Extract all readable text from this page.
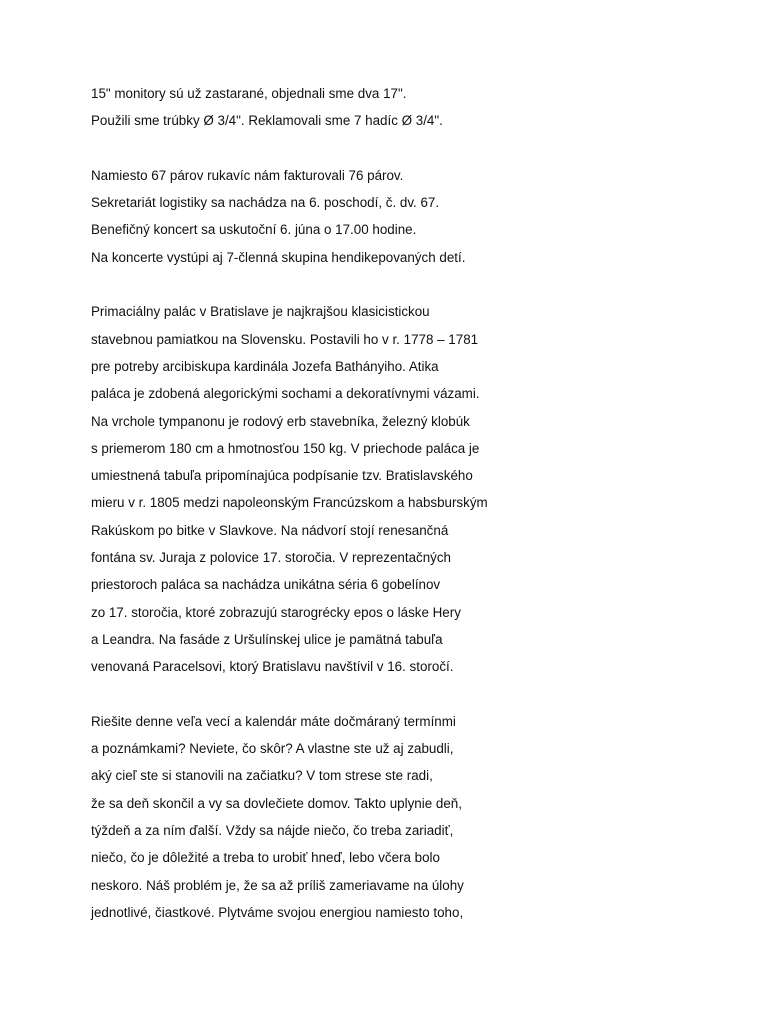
15" monitory sú už zastarané, objednali sme dva 17".
Použili sme trúbky Ø 3/4". Reklamovali sme 7 hadíc Ø 3/4".
Namiesto 67 párov rukavíc nám fakturovali 76 párov.
Sekretariát logistiky sa nachádza na 6. poschodí, č. dv. 67.
Benefičný koncert sa uskutoční 6. júna o 17.00 hodine.
Na koncerte vystúpi aj 7-členná skupina hendikepovaných detí.
Primaciálny palác v Bratislave je najkrajšou klasicistickou
stavebnou pamiatkou na Slovensku. Postavili ho v r. 1778 – 1781
pre potreby arcibiskupa kardinála Jozefa Bathányiho. Atika
paláca je zdobená alegorickými sochami a dekoratívnymi vázami.
Na vrchole tympanonu je rodový erb stavebníka, železný klobúk
s priemerom 180 cm a hmotnosťou 150 kg. V priechode paláca je
umiestnená tabuľa pripomínajúca podpísanie tzv. Bratislavského
mieru v r. 1805 medzi napoleonským Francúzskom a habsburským
Rakúskom po bitke v Slavkove. Na nádvorí stojí renesančná
fontána sv. Juraja z polovice 17. storočia. V reprezentačných
priestoroch paláca sa nachádza unikátna séria 6 gobelínov
zo 17. storočia, ktoré zobrazujú starogrécky epos o láske Hery
a Leandra. Na fasáde z Uršulínskej ulice je pamätná tabuľa
venovaná Paracelsovi, ktorý Bratislavu navštívil v 16. storočí.
Riešite denne veľa vecí a kalendár máte dočmáraný termínmi
a poznámkami? Neviete, čo skôr? A vlastne ste už aj zabudli,
aký cieľ ste si stanovili na začiatku? V tom strese ste radi,
že sa deň skončil a vy sa dovlečiete domov. Takto uplynie deň,
týždeň a za ním ďalší. Vždy sa nájde niečo, čo treba zariadiť,
niečo, čo je dôležité a treba to urobiť hneď, lebo včera bolo
neskoro. Náš problém je, že sa až príliš zameriavame na úlohy
jednotlivé, čiastkové. Plytváme svojou energiou namiesto toho,
